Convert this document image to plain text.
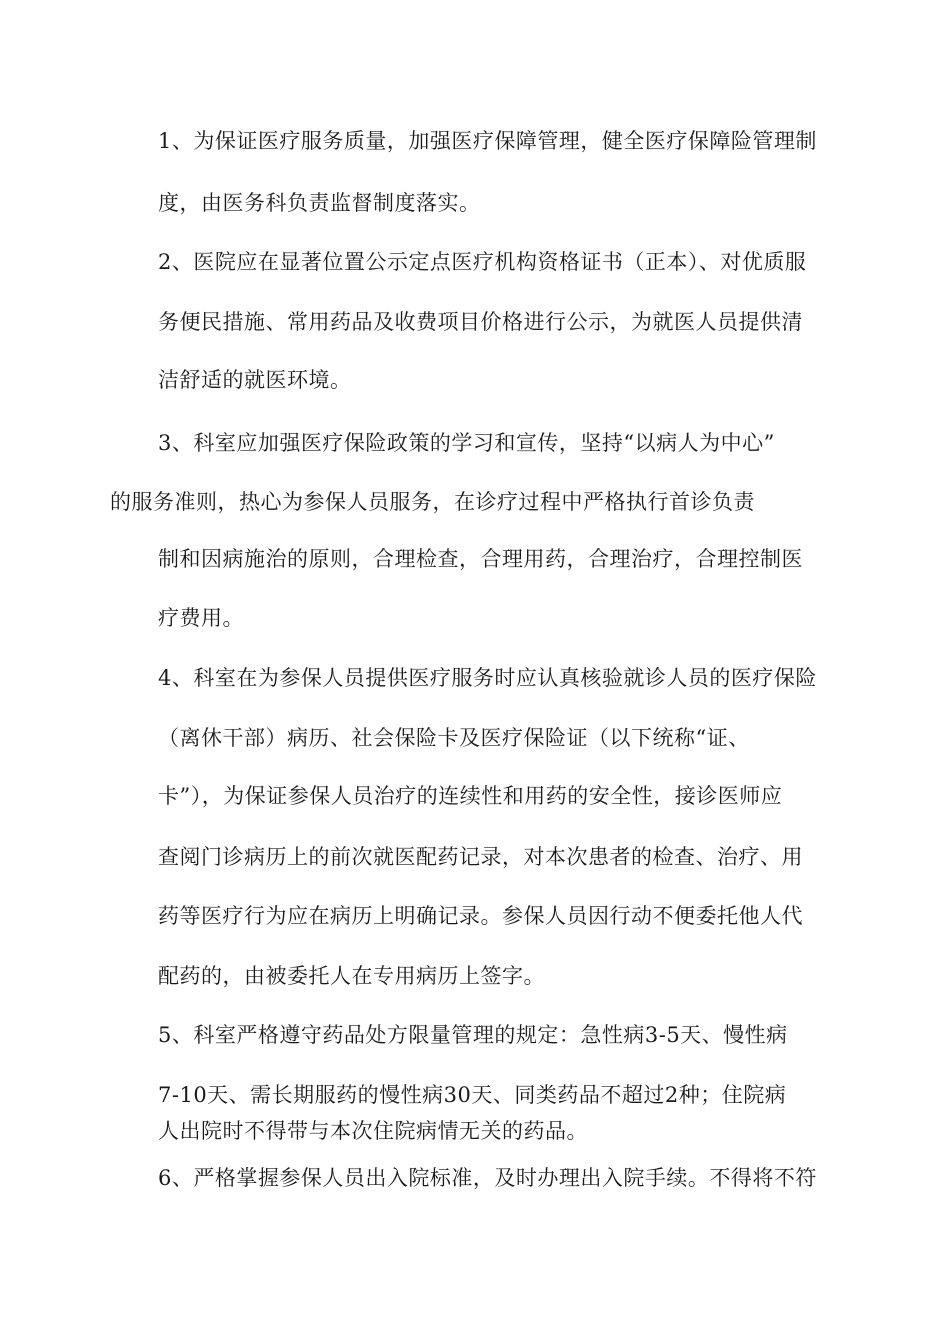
1、为保证医疗服务质量，加强医疗保障管理，健全医疗保障险管理制
度，由医务科负责监督制度落实。
2、医院应在显著位置公示定点医疗机构资格证书（正本）、对优质服
务便民措施、常用药品及收费项目价格进行公示，为就医人员提供清
洁舒适的就医环境。
3、科室应加强医疗保险政策的学习和宣传，坚持“以病人为中心”
的服务准则，热心为参保人员服务，在诊疗过程中严格执行首诊负责
制和因病施治的原则，合理检查，合理用药，合理治疗，合理控制医
疗费用。
4、科室在为参保人员提供医疗服务时应认真核验就诊人员的医疗保险
（离休干部）病历、社会保险卡及医疗保险证（以下统称“证、
卡”），为保证参保人员治疗的连续性和用药的安全性，接诊医师应
查阅门诊病历上的前次就医配药记录，对本次患者的检查、治疗、用
药等医疗行为应在病历上明确记录。参保人员因行动不便委托他人代
配药的，由被委托人在专用病历上签字。
5、科室严格遵守药品处方限量管理的规定：急性病3-5天、慢性病
7-10天、需长期服药的慢性病30天、同类药品不超过2种；住院病
人出院时不得带与本次住院病情无关的药品。
6、严格掌握参保人员出入院标准，及时办理出入院手续。不得将不符
